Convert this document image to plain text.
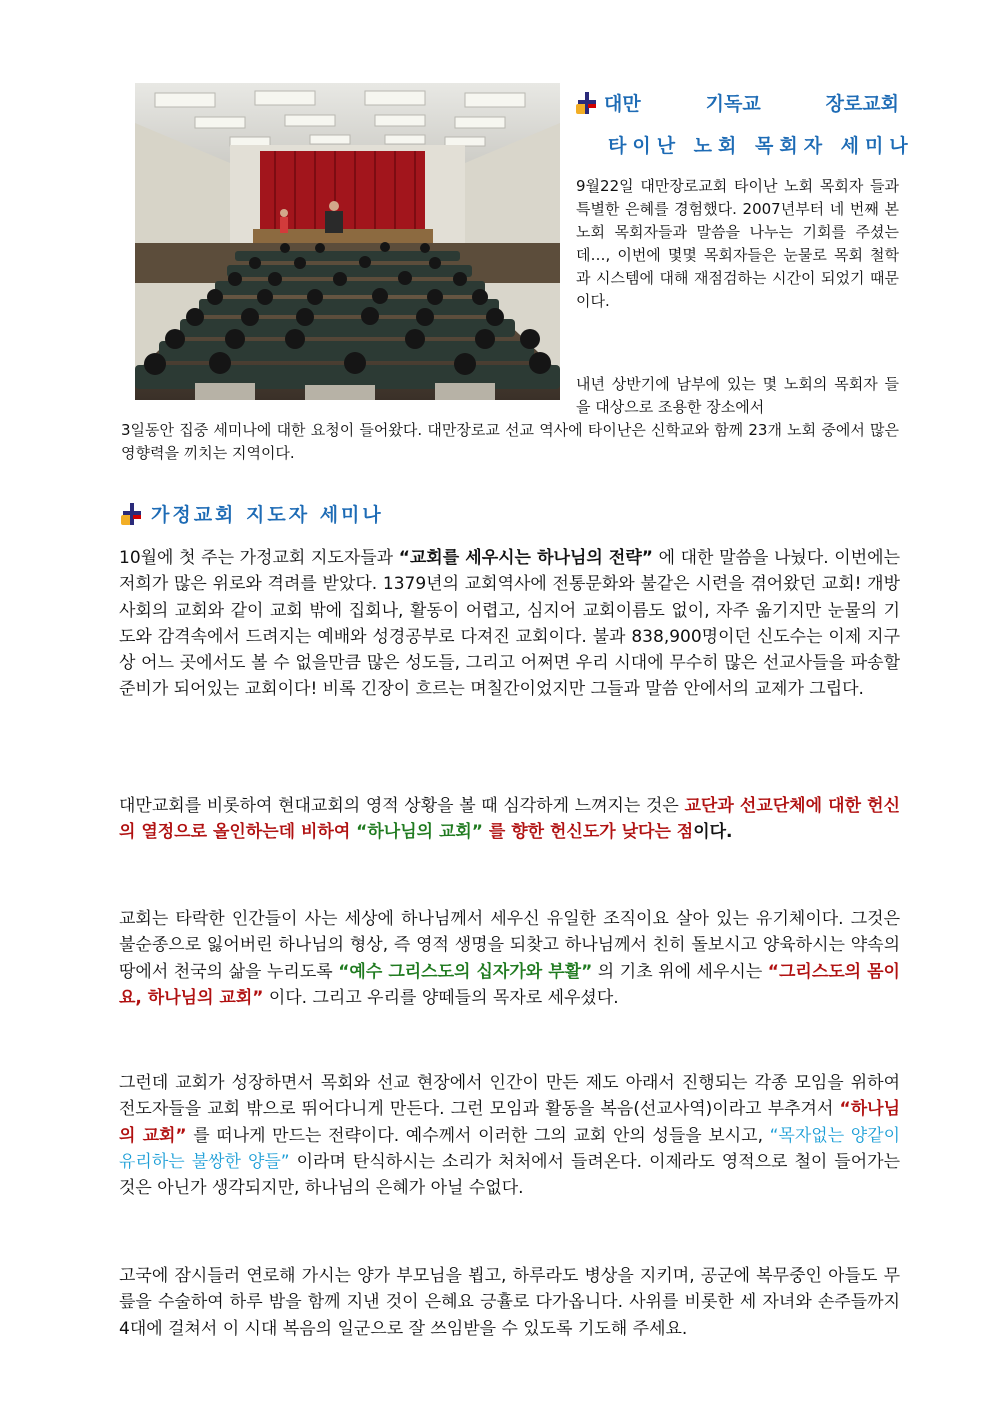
대만	기독교	장로교회
타이난 노회 목회자 세미나
9월22일 대만장로교회 타이난 노회 목회자 들과 특별한 은혜를 경험했다. 2007년부터 네 번째 본노회 목회자들과 말씀을 나누는 기회를 주셨는데…, 이번에 몇몇 목회자들은 눈물로 목회 철학과 시스템에 대해 재점검하는 시간이 되었기 때문이다.
내년 상반기에 남부에 있는 몇 노회의 목회자 들을 대상으로 조용한 장소에서
3일동안 집중 세미나에 대한 요청이 들어왔다. 대만장로교 선교 역사에 타이난은 신학교와 함께 23개 노회 중에서 많은 영향력을 끼치는 지역이다.
가정교회 지도자 세미나
10월에 첫 주는 가정교회 지도자들과 “교회를 세우시는 하나님의 전략” 에 대한 말씀을 나눴다. 이번에는 저희가 많은 위로와 격려를 받았다. 1379년의 교회역사에 전통문화와 불같은 시련을 겪어왔던 교회! 개방사회의 교회와 같이 교회 밖에 집회나, 활동이 어렵고, 심지어 교회이름도 없이, 자주 옮기지만 눈물의 기도와 감격속에서 드려지는 예배와 성경공부로 다져진 교회이다. 불과 838,900명이던 신도수는 이제 지구상 어느 곳에서도 볼 수 없을만큼 많은 성도들, 그리고 어쩌면 우리 시대에 무수히 많은 선교사들을 파송할 준비가 되어있는 교회이다! 비록 긴장이 흐르는 며칠간이었지만 그들과 말씀 안에서의 교제가 그립다.
대만교회를 비롯하여 현대교회의 영적 상황을 볼 때 심각하게 느껴지는 것은 교단과 선교단체에 대한 헌신의 열정으로 올인하는데 비하여 “하나님의 교회” 를 향한 헌신도가 낮다는 점이다.
교회는 타락한 인간들이 사는 세상에 하나님께서 세우신 유일한 조직이요 살아 있는 유기체이다. 그것은 불순종으로 잃어버린 하나님의 형상, 즉 영적 생명을 되찾고 하나님께서 친히 돌보시고 양육하시는 약속의 땅에서 천국의 삶을 누리도록 “예수 그리스도의 십자가와 부활” 의 기초 위에 세우시는 “그리스도의 몸이요, 하나님의 교회” 이다. 그리고 우리를 양떼들의 목자로 세우셨다.
그런데 교회가 성장하면서 목회와 선교 현장에서 인간이 만든 제도 아래서 진행되는 각종 모임을 위하여 전도자들을 교회 밖으로 뛰어다니게 만든다. 그런 모임과 활동을 복음(선교사역)이라고 부추겨서 “하나님의 교회” 를 떠나게 만드는 전략이다. 예수께서 이러한 그의 교회 안의 성들을 보시고, “목자없는 양같이 유리하는 불쌍한 양들” 이라며 탄식하시는 소리가 처처에서 들려온다. 이제라도 영적으로 철이 들어가는 것은 아닌가 생각되지만, 하나님의 은혜가 아닐 수없다.
고국에 잠시들러 연로해 가시는 양가 부모님을 뵙고, 하루라도 병상을 지키며, 공군에 복무중인 아들도 무릎을 수술하여 하루 밤을 함께 지낸 것이 은혜요 긍휼로 다가옵니다. 사위를 비롯한 세 자녀와 손주들까지 4대에 걸쳐서 이 시대 복음의 일군으로 잘 쓰임받을 수 있도록 기도해 주세요.
